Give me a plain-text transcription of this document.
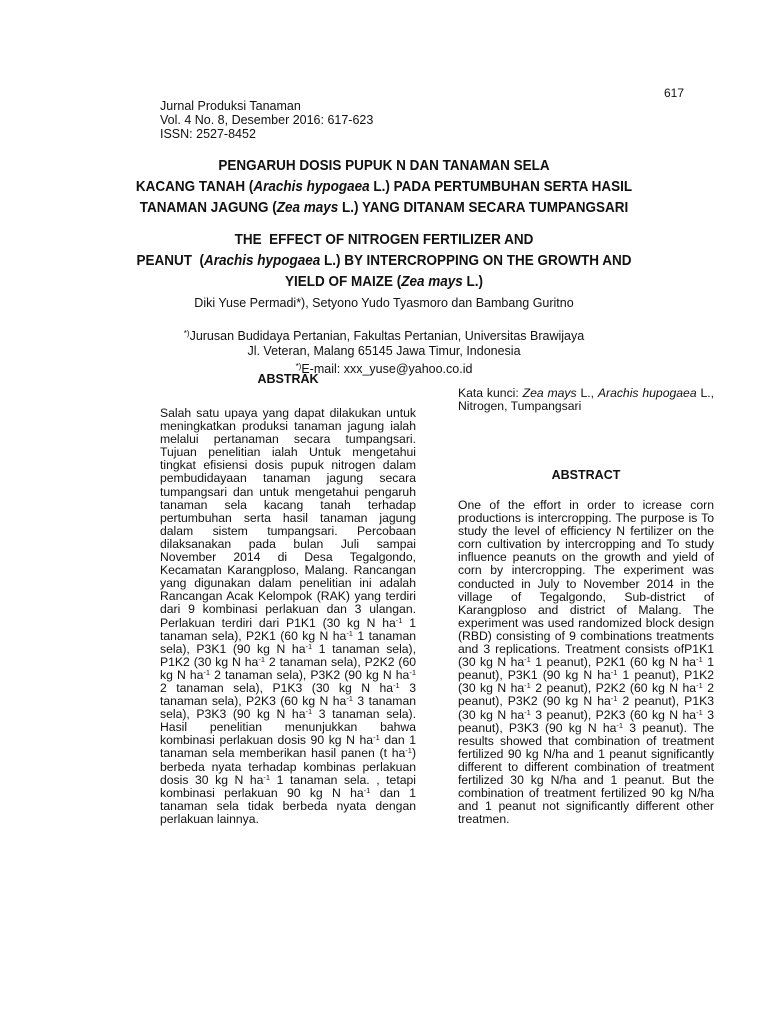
617
Jurnal Produksi Tanaman
Vol. 4 No. 8, Desember 2016: 617-623
ISSN: 2527-8452
PENGARUH DOSIS PUPUK N DAN TANAMAN SELA
KACANG TANAH (Arachis hypogaea L.) PADA PERTUMBUHAN SERTA HASIL
TANAMAN JAGUNG (Zea mays L.) YANG DITANAM SECARA TUMPANGSARI
THE  EFFECT OF NITROGEN FERTILIZER AND
PEANUT  (Arachis hypogaea L.) BY INTERCROPPING ON THE GROWTH AND
YIELD OF MAIZE (Zea mays L.)
Diki Yuse Permadi*), Setyono Yudo Tyasmoro dan Bambang Guritno
*)Jurusan Budidaya Pertanian, Fakultas Pertanian, Universitas Brawijaya
Jl. Veteran, Malang 65145 Jawa Timur, Indonesia
*)E-mail: xxx_yuse@yahoo.co.id
ABSTRAK
Salah satu upaya yang dapat dilakukan untuk meningkatkan produksi tanaman jagung ialah melalui pertanaman secara tumpangsari. Tujuan penelitian ialah Untuk mengetahui tingkat efisiensi dosis pupuk nitrogen dalam pembudidayaan tanaman jagung secara tumpangsari dan untuk mengetahui pengaruh tanaman sela kacang tanah terhadap pertumbuhan serta hasil tanaman jagung dalam sistem tumpangsari. Percobaan dilaksanakan pada bulan Juli sampai November 2014 di Desa Tegalgondo, Kecamatan Karangploso, Malang. Rancangan yang digunakan dalam penelitian ini adalah Rancangan Acak Kelompok (RAK) yang terdiri dari 9 kombinasi perlakuan dan 3 ulangan. Perlakuan terdiri dari P1K1 (30 kg N $ha^{-1}$ 1 tanaman sela), P2K1 (60 kg N $ha^{-1}$ 1 tanaman sela), P3K1 (90 kg N $ha^{-1}$ 1 tanaman sela), P1K2 (30 kg N $ha^{-1}$ 2 tanaman sela), P2K2 (60 kg N $ha^{-1}$ 2 tanaman sela), P3K2 (90 kg N $ha^{-1}$ 2 tanaman sela), P1K3 (30 kg N $ha^{-1}$ 3 tanaman sela), P2K3 (60 kg N $ha^{-1}$ 3 tanaman sela), P3K3 (90 kg N $ha^{-1}$ 3 tanaman sela). Hasil penelitian menunjukkan bahwa kombinasi perlakuan dosis 90 kg N $ha^{-1}$ dan 1 tanaman sela memberikan hasil panen (t $ha^{-1}$) berbeda nyata terhadap kombinas perlakuan dosis 30 kg N $ha^{-1}$ 1 tanaman sela. , tetapi kombinasi perlakuan 90 kg N $ha^{-1}$ dan 1 tanaman sela tidak berbeda nyata dengan perlakuan lainnya.
Kata kunci: Zea mays L., Arachis hupogaea L., Nitrogen, Tumpangsari
ABSTRACT
One of the effort in order to icrease corn productions is intercropping. The purpose is To study the level of efficiency N fertilizer on the corn cultivation by intercropping and To study influence peanuts on the growth and yield of corn by intercropping. The experiment was conducted in July to November 2014 in the village of Tegalgondo, Sub-district of Karangploso and district of Malang. The experiment was used randomized block design (RBD) consisting of 9 combinations treatments and 3 replications. Treatment consists ofP1K1 (30 kg N $ha^{-1}$ 1 peanut), P2K1 (60 kg N $ha^{-1}$ 1 peanut), P3K1 (90 kg N $ha^{-1}$ 1 peanut), P1K2 (30 kg N $ha^{-1}$ 2 peanut), P2K2 (60 kg N $ha^{-1}$ 2 peanut), P3K2 (90 kg N $ha^{-1}$ 2 peanut), P1K3 (30 kg N $ha^{-1}$ 3 peanut), P2K3 (60 kg N $ha^{-1}$ 3 peanut), P3K3 (90 kg N $ha^{-1}$ 3 peanut). The results showed that combination of treatment fertilized 90 kg N/ha and 1 peanut significantly different to different combination of treatment fertilized 30 kg N/ha and 1 peanut. But the combination of treatment fertilized 90 kg N/ha and 1 peanut not significantly different other treatmen.
